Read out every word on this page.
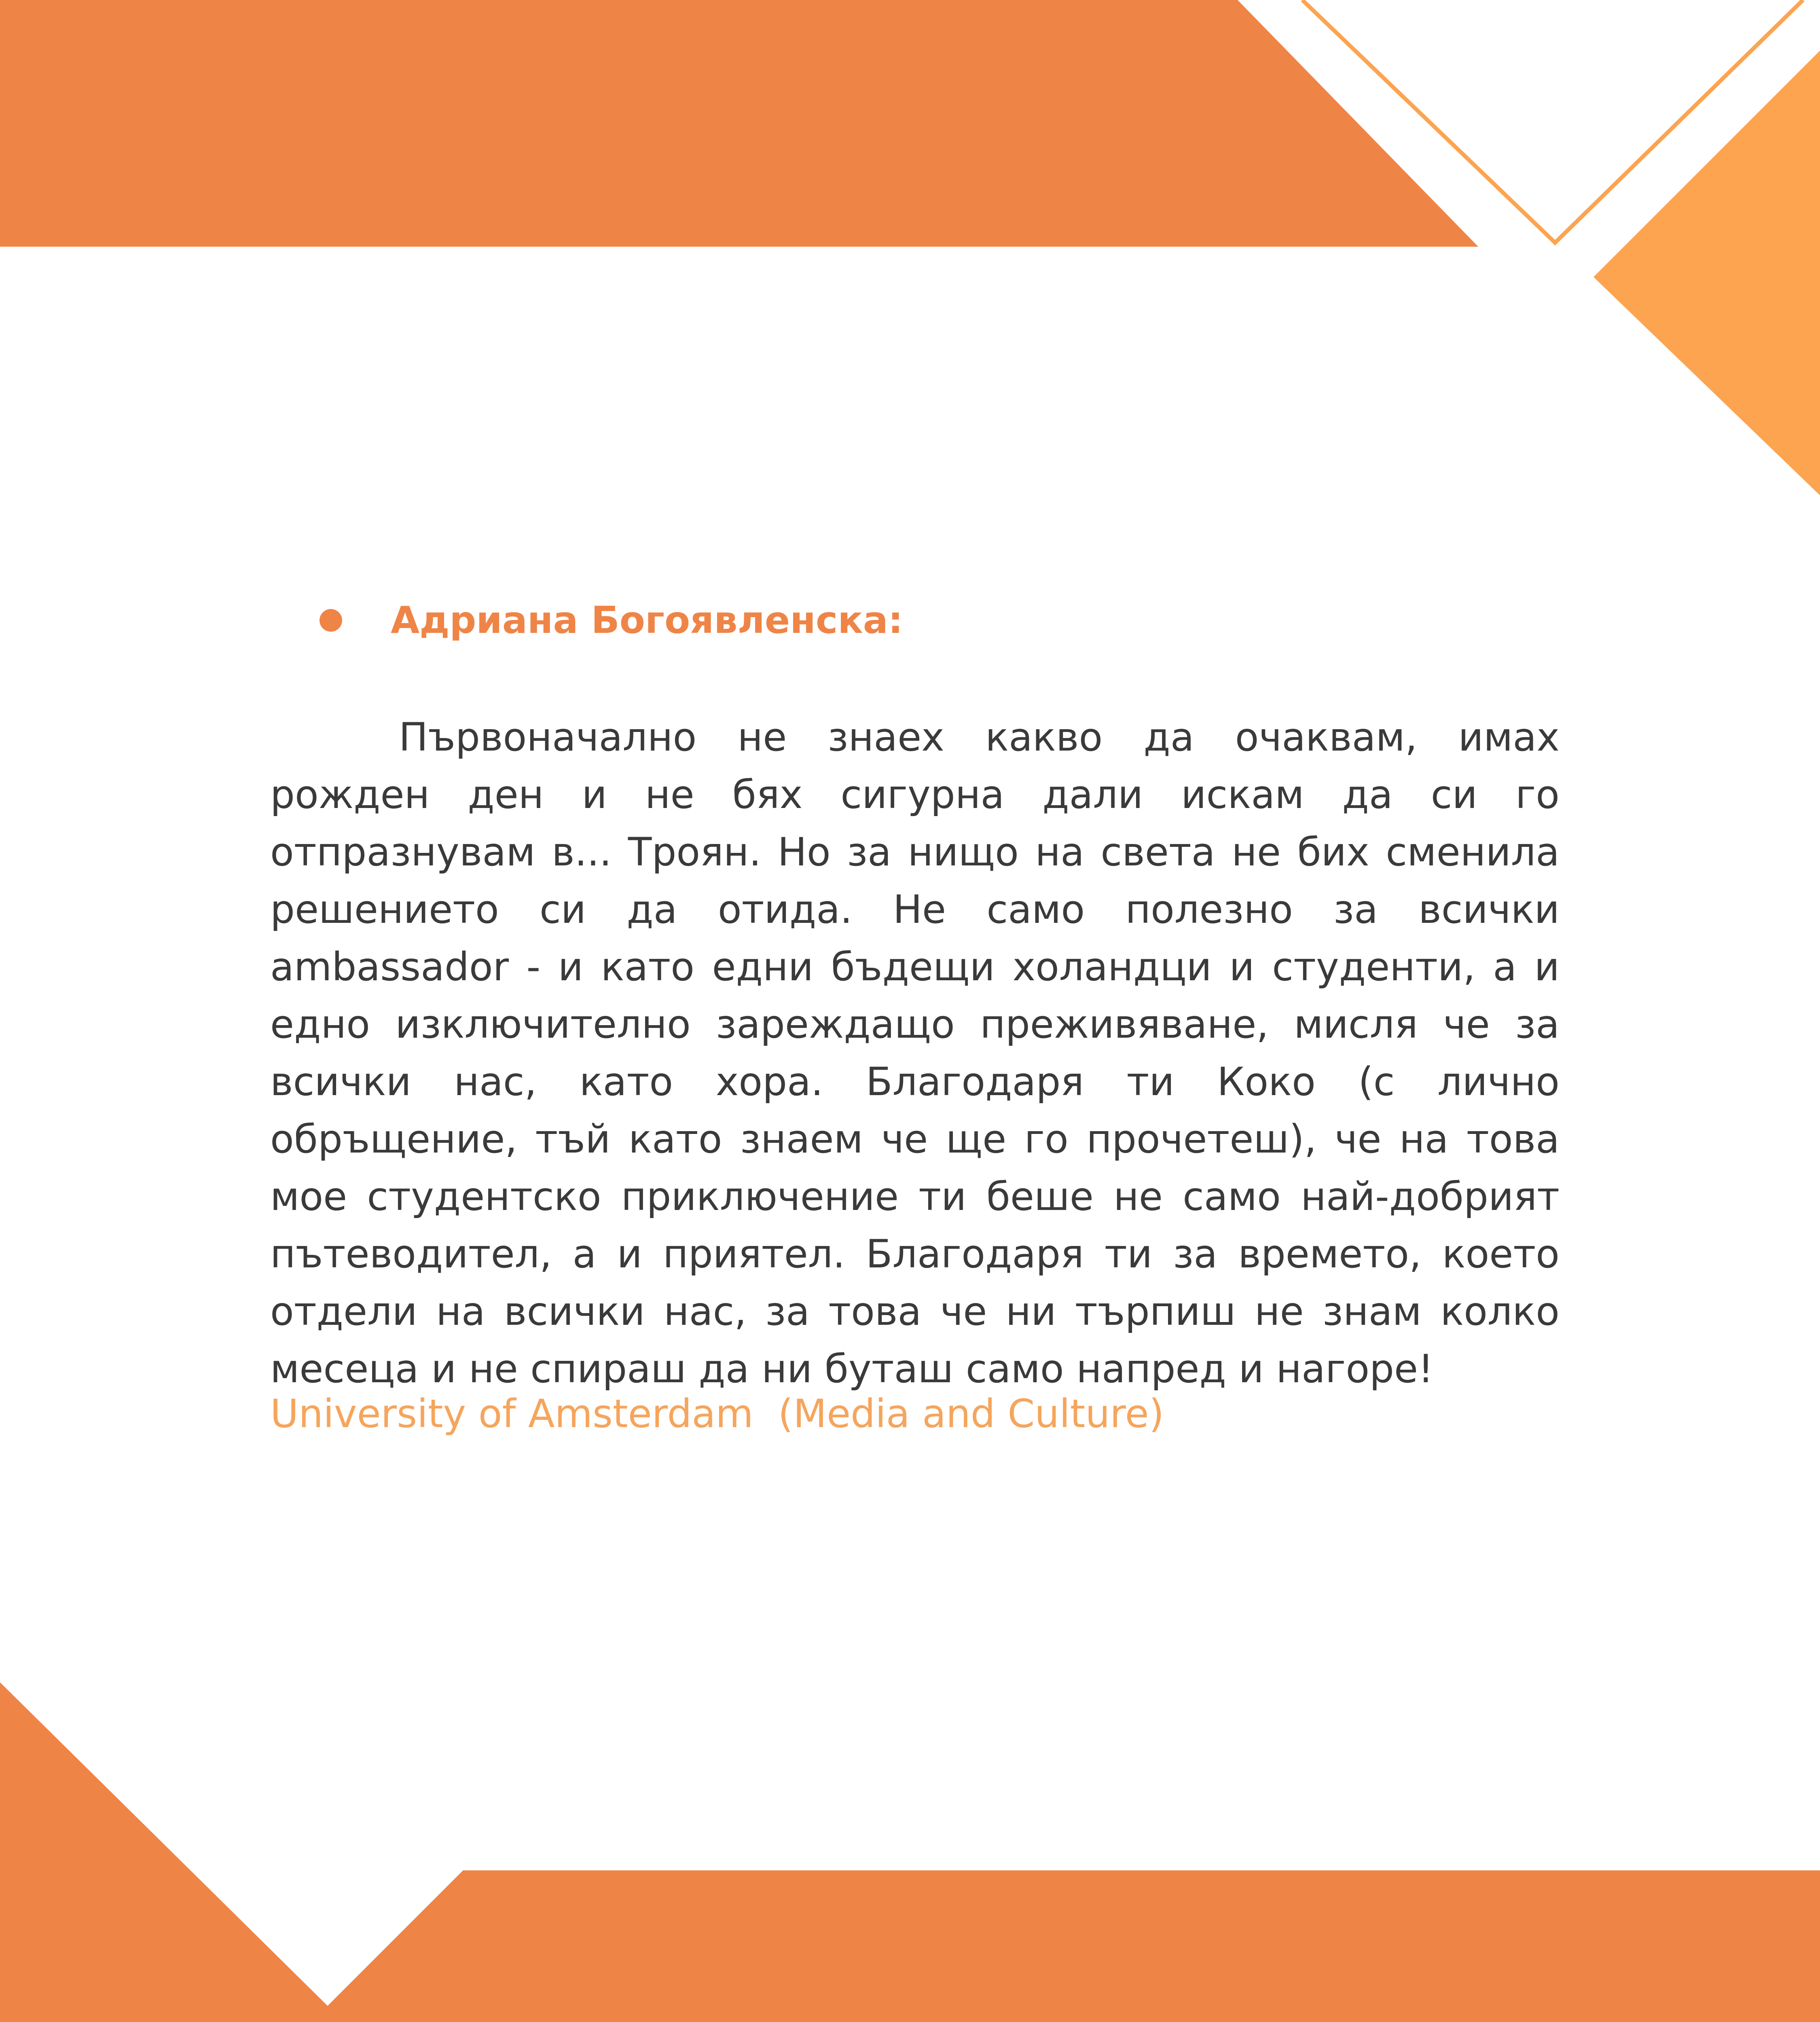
Адриана Богоявленска:

Първоначално не знаех какво да очаквам, имах рожден ден и не бях сигурна дали искам да си го отпразнувам в... Троян. Но за нищо на света не бих сменила решението си да отида. Не само полезно за всички ambassador - и като едни бъдещи холандци и студенти, а и едно изключително зареждащо преживяване, мисля че за всички нас, като хора. Благодаря ти Коко (с лично обръщение, тъй като знаем че ще го прочетеш), че на това мое студентско приключение ти беше не само най-добрият пътеводител, а и приятел. Благодаря ти за времето, което отдели на всички нас, за това че ни търпиш не знам колко месеца и не спираш да ни буташ само напред и нагоре!

University of Amsterdam  (Media and Culture)
